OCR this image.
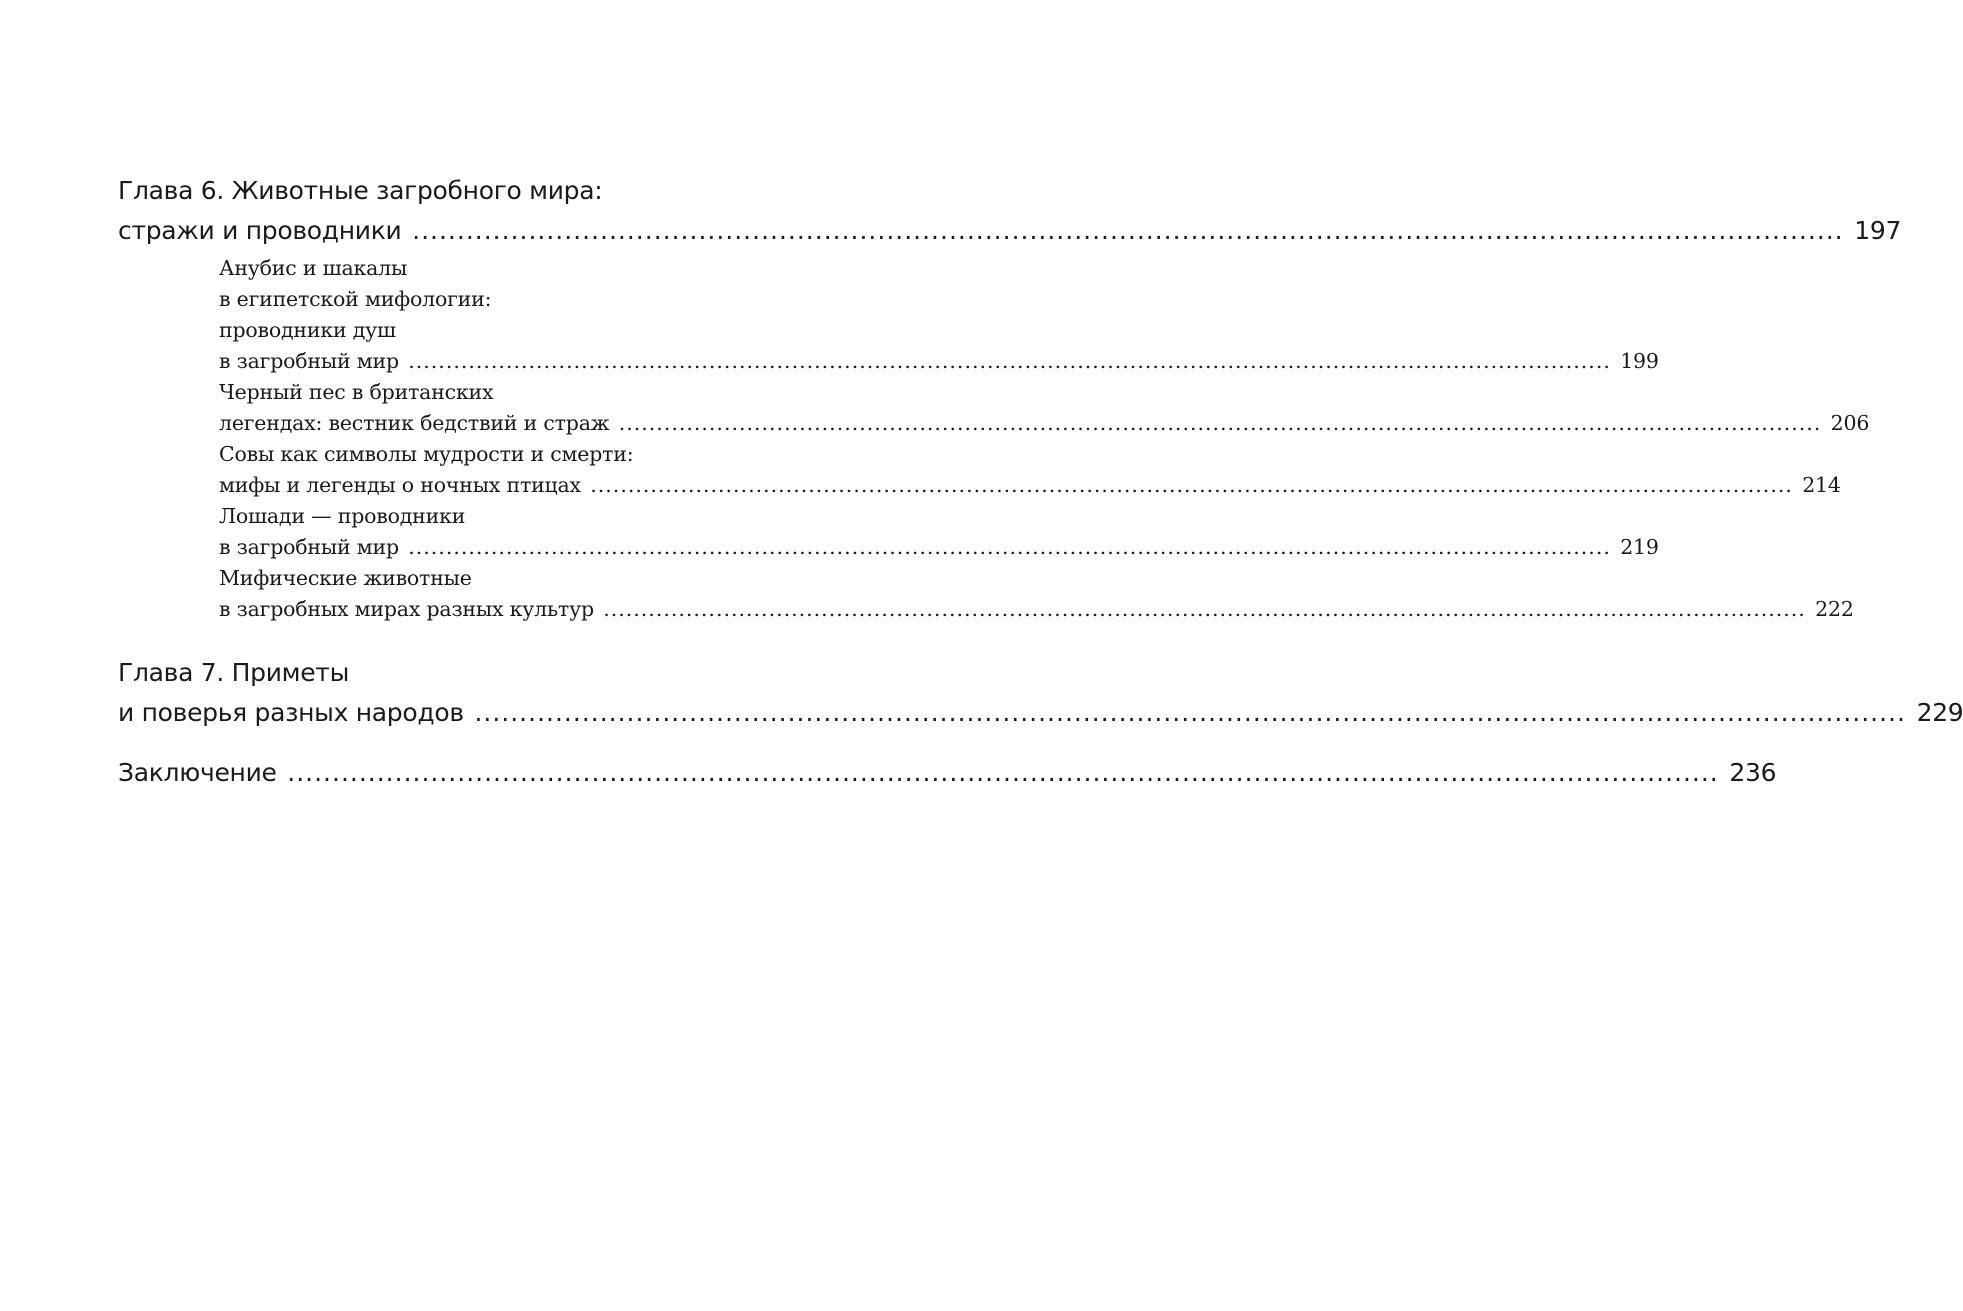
Глава 6. Животные загробного мира:
стражи и проводники .....	197
Анубис и шакалы
в египетской мифологии:
проводники душ
в загробный мир .....	199
Черный пес в британских
легендах: вестник бедствий и страж .....	206
Совы как символы мудрости и смерти:
мифы и легенды о ночных птицах .....	214
Лошади — проводники
в загробный мир .....	219
Мифические животные
в загробных мирах разных культур .....	222
Глава 7. Приметы
и поверья разных народов .....	229
Заключение .....	236
